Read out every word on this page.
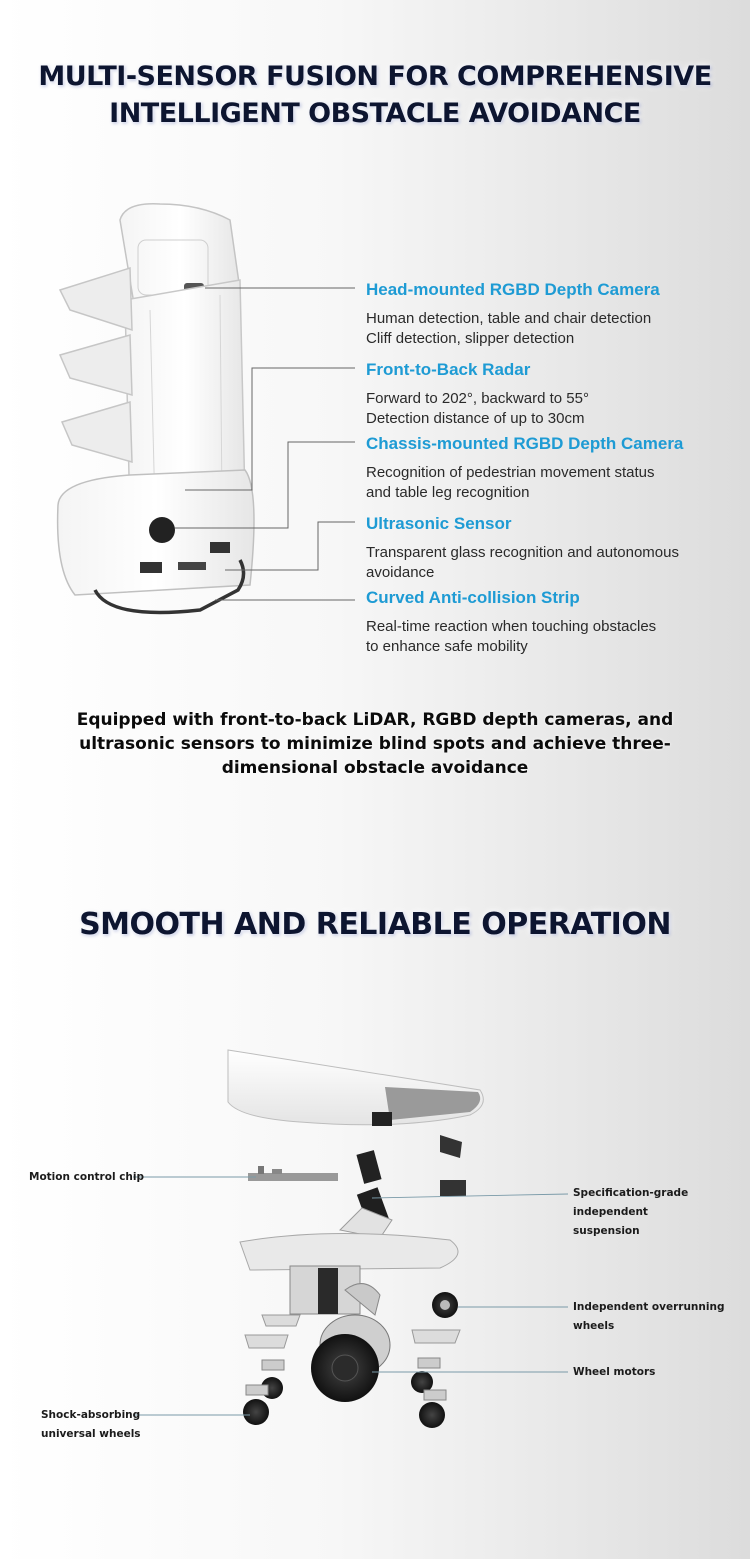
MULTI-SENSOR FUSION FOR COMPREHENSIVE
INTELLIGENT OBSTACLE AVOIDANCE
Head-mounted RGBD Depth Camera
Human detection, table and chair detection
Cliff detection, slipper detection
Front-to-Back Radar
Forward to 202°, backward to 55°
Detection distance of up to 30cm
Chassis-mounted RGBD Depth Camera
Recognition of pedestrian movement status
and table leg recognition
Ultrasonic Sensor
Transparent glass recognition and autonomous
avoidance
Curved Anti-collision Strip
Real-time reaction when touching obstacles
to enhance safe mobility
Equipped with front-to-back LiDAR, RGBD depth cameras, and ultrasonic sensors to minimize blind spots and achieve three-dimensional obstacle avoidance
SMOOTH AND RELIABLE OPERATION
Motion control chip
Specification-grade independent
suspension
Independent overrunning wheels
Wheel motors
Shock-absorbing
universal wheels
